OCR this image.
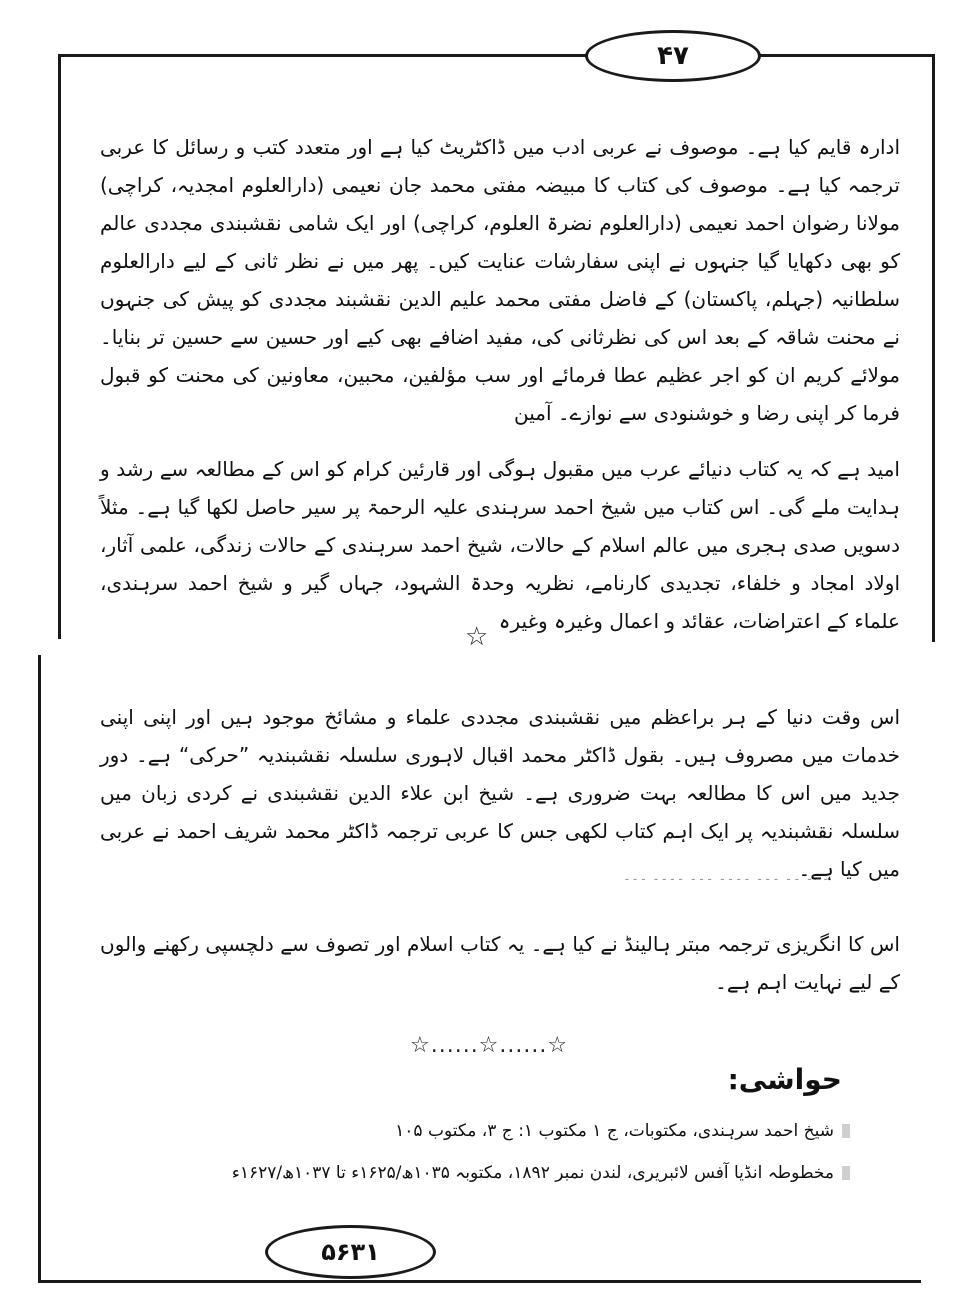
۴۷

ادارہ قایم کیا ہے۔ موصوف نے عربی ادب میں ڈاکٹریٹ کیا ہے اور متعدد کتب و رسائل کا عربی ترجمہ کیا ہے۔ موصوف کی کتاب کا مبیضہ مفتی محمد جان نعیمی (دارالعلوم امجدیہ، کراچی) مولانا رضوان احمد نعیمی (دارالعلوم نضرۃ العلوم، کراچی) اور ایک شامی نقشبندی مجددی عالم کو بھی دکھایا گیا جنہوں نے اپنی سفارشات عنایت کیں۔ پھر میں نے نظر ثانی کے لیے دارالعلوم سلطانیہ (جہلم، پاکستان) کے فاضل مفتی محمد علیم الدین نقشبند مجددی کو پیش کی جنہوں نے محنت شاقہ کے بعد اس کی نظرثانی کی، مفید اضافے بھی کیے اور حسین سے حسین تر بنایا۔ مولائے کریم ان کو اجر عظیم عطا فرمائے اور سب مؤلفین، محبین، معاونین کی محنت کو قبول فرما کر اپنی رضا و خوشنودی سے نوازے۔ آمین

امید ہے کہ یہ کتاب دنیائے عرب میں مقبول ہوگی اور قارئین کرام کو اس کے مطالعہ سے رشد و ہدایت ملے گی۔ اس کتاب میں شیخ احمد سرہندی علیہ الرحمۃ پر سیر حاصل لکھا گیا ہے۔ مثلاً دسویں صدی ہجری میں عالم اسلام کے حالات، شیخ احمد سرہندی کے حالات زندگی، علمی آثار، اولاد امجاد و خلفاء، تجدیدی کارنامے، نظریہ وحدۃ الشہود، جہاں گیر و شیخ احمد سرہندی، علماء کے اعتراضات، عقائد و اعمال وغیرہ وغیرہ

☆

اس وقت دنیا کے ہر براعظم میں نقشبندی مجددی علماء و مشائخ موجود ہیں اور اپنی اپنی خدمات میں مصروف ہیں۔ بقول ڈاکٹر محمد اقبال لاہوری سلسلہ نقشبندیہ ”حرکی“ ہے۔ دور جدید میں اس کا مطالعہ بہت ضروری ہے۔ شیخ ابن علاء الدین نقشبندی نے کردی زبان میں سلسلہ نقشبندیہ پر ایک اہم کتاب لکھی جس کا عربی ترجمہ ڈاکٹر محمد شریف احمد نے عربی میں کیا ہے۔

۔۔۔ ۔۔ ۔۔۔ ۔۔۔۔ ۔۔۔ ۔۔۔۔ ۔۔۔

اس کا انگریزی ترجمہ مبتر ہالینڈ نے کیا ہے۔ یہ کتاب اسلام اور تصوف سے دلچسپی رکھنے والوں کے لیے نہایت اہم ہے۔

☆......☆......☆
حواشی:
شیخ احمد سرہندی، مکتوبات، ج ۱ مکتوب ۱: ج ۳، مکتوب ۱۰۵
مخطوطہ انڈیا آفس لائبریری، لندن نمبر ۱۸۹۲، مکتوبہ ۱۰۳۵ھ/۱۶۲۵ء تا ۱۰۳۷ھ/۱۶۲۷ء
۵۶۳۱
